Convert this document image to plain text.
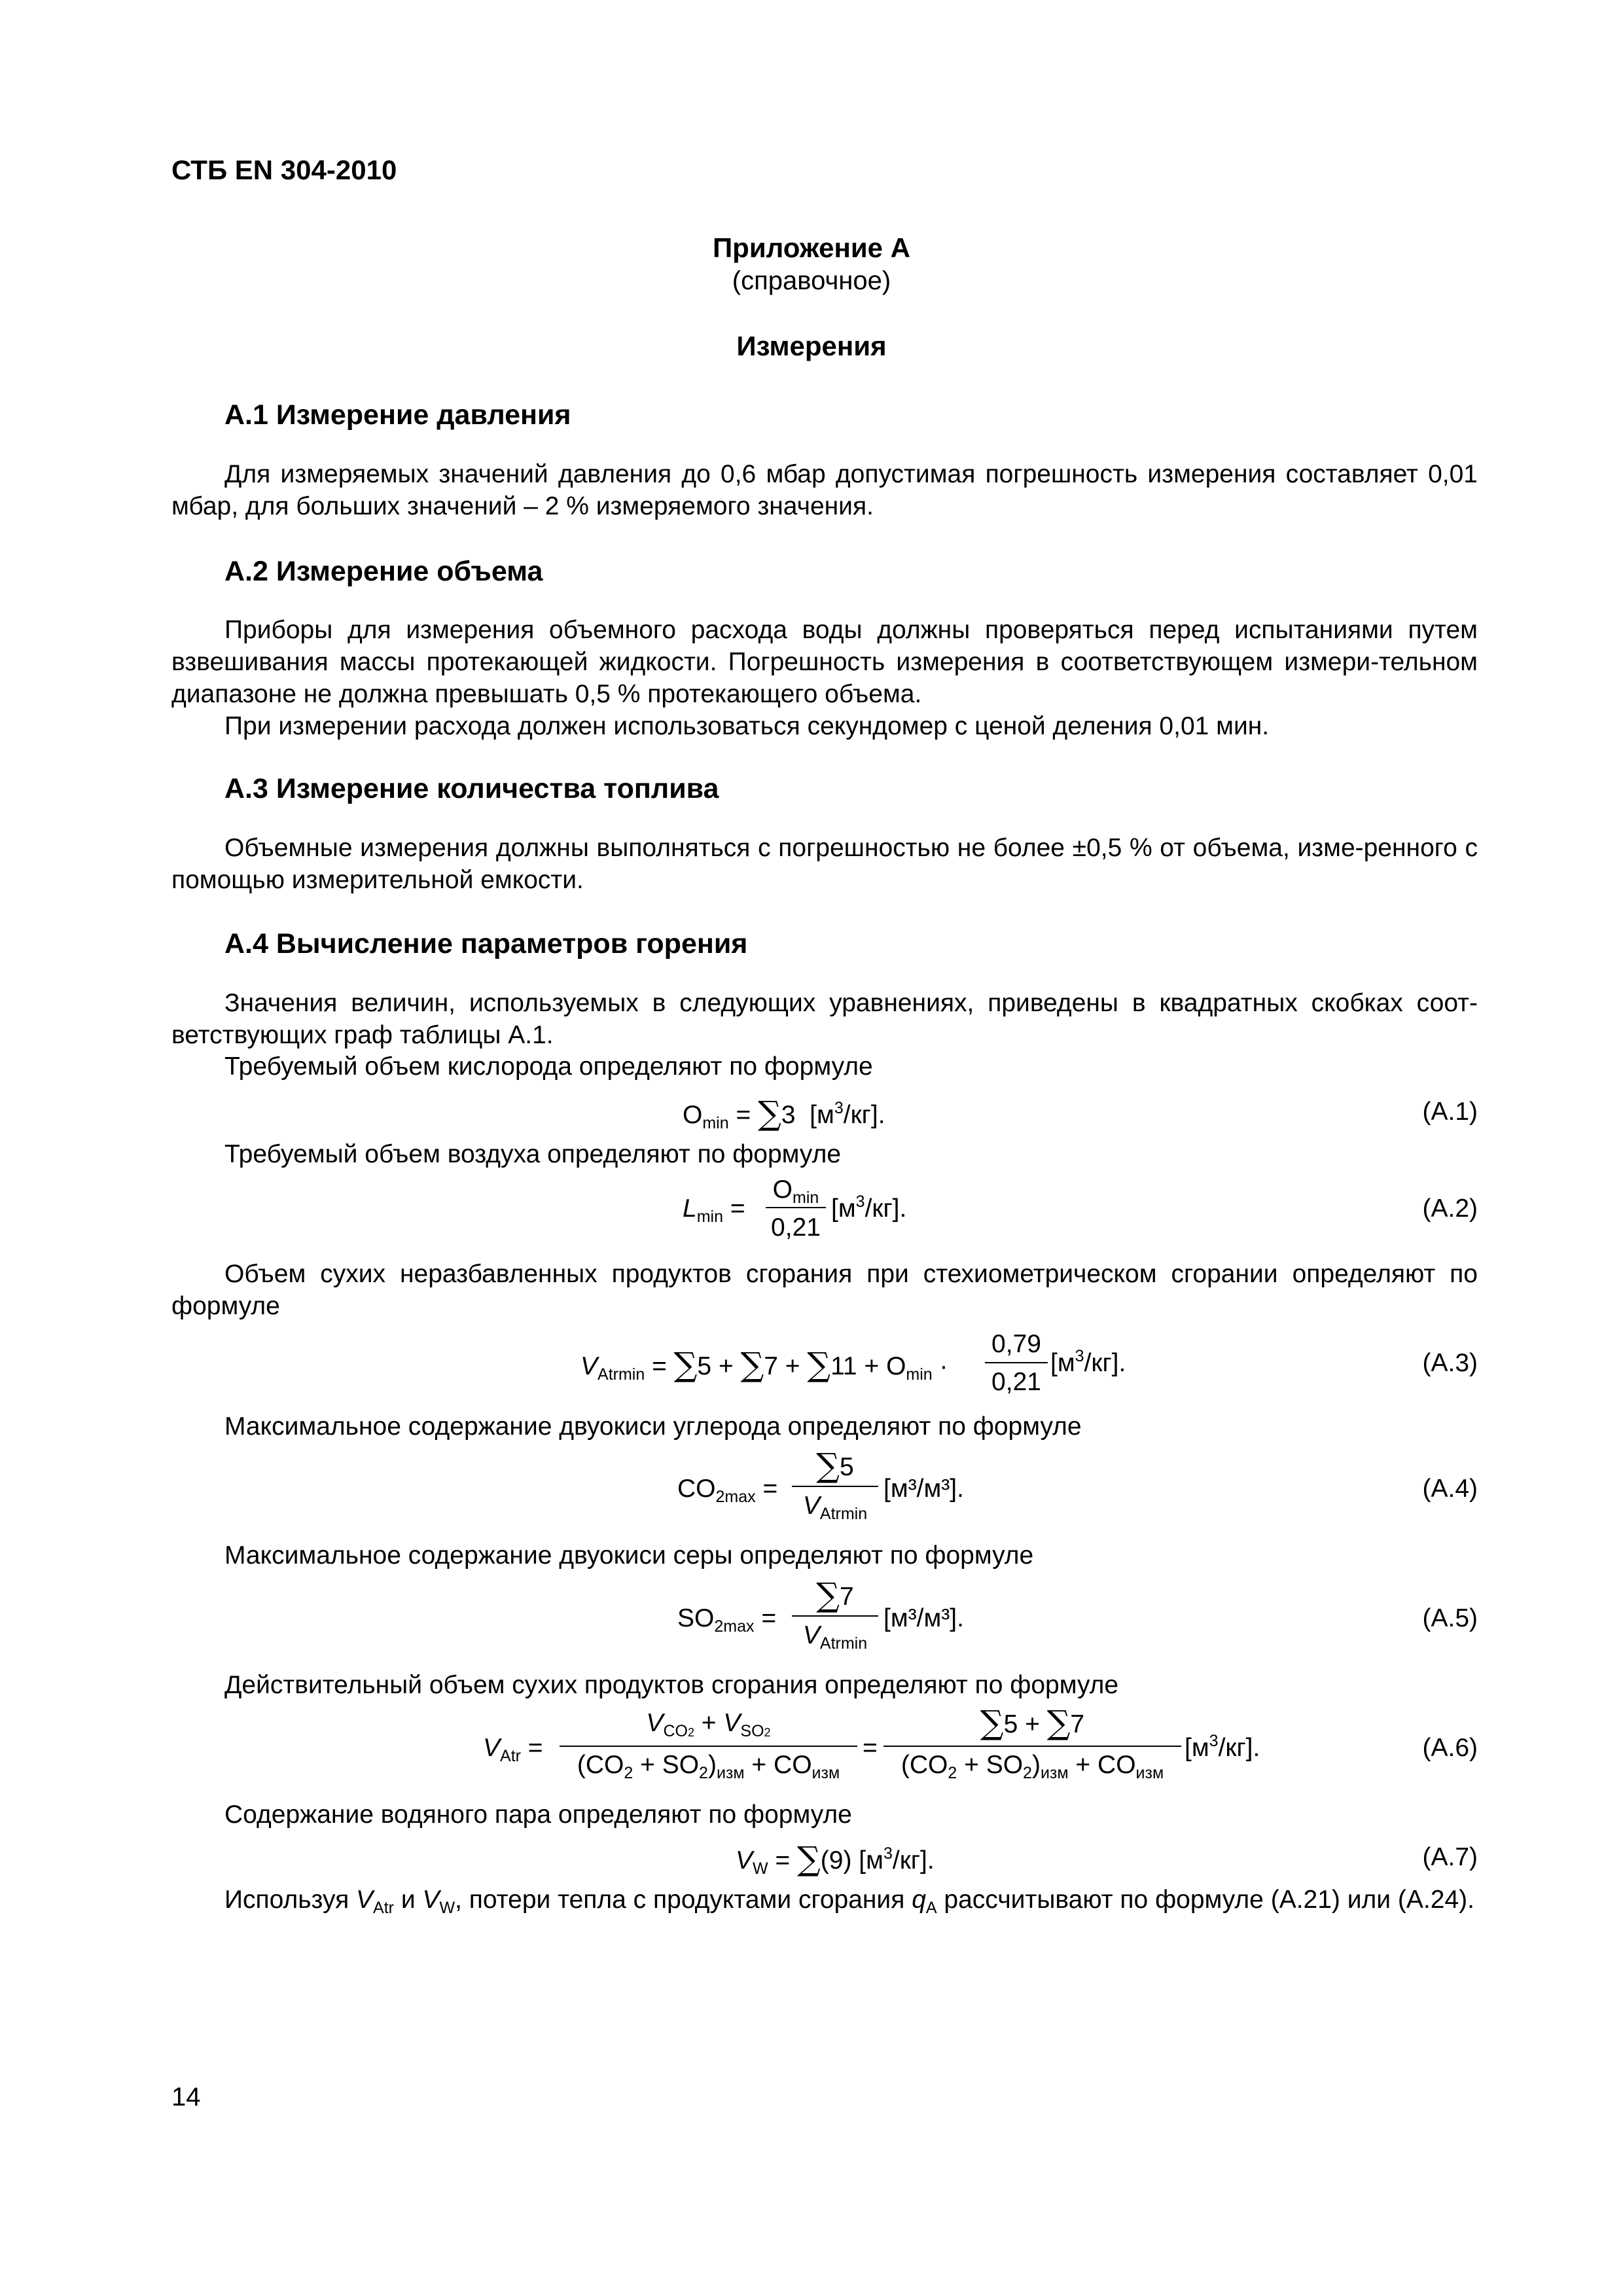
СТБ EN 304-2010
Приложение А
(справочное)
Измерения
А.1 Измерение давления
Для измеряемых значений давления до 0,6 мбар допустимая погрешность измерения составляет 0,01 мбар, для больших значений – 2 % измеряемого значения.
А.2 Измерение объема
Приборы для измерения объемного расхода воды должны проверяться перед испытаниями путем взвешивания массы протекающей жидкости. Погрешность измерения в соответствующем измери-тельном диапазоне не должна превышать 0,5 % протекающего объема.
При измерении расхода должен использоваться секундомер с ценой деления 0,01 мин.
А.3 Измерение количества топлива
Объемные измерения должны выполняться с погрешностью не более ±0,5 % от объема, изме-ренного с помощью измерительной емкости.
А.4 Вычисление параметров горения
Значения величин, используемых в следующих уравнениях, приведены в квадратных скобках соот-ветствующих граф таблицы А.1.
Требуемый объем кислорода определяют по формуле
$O_{min} = \sum 3$ $[м^3/кг]$.	(А.1)
Требуемый объем воздуха определяют по формуле
$L_{min}$ =
$O_{min}$
0,21
$[м^3/кг]$.	(А.2)
Объем сухих неразбавленных продуктов сгорания при стехиометрическом сгорании определяют по формуле
$V_{Atrmin} = \sum 5 + \sum 7 + \sum 11 + O_{min}$ ·
0,79
0,21
$[м^3/кг]$.	(А.3)
Максимальное содержание двуокиси углерода определяют по формуле
$CO_{2max}$ =
∑5
$V_{Atrmin}$
[м³/м³].	(А.4)
Максимальное содержание двуокиси серы определяют по формуле
$SO_{2max}$ =
∑7
$V_{Atrmin}$
[м³/м³].	(А.5)
Действительный объем сухих продуктов сгорания определяют по формуле
$V_{Atr}$ =
$V_{CO2} + V_{SO2}$
$(CO_2 + SO_2)_{изм} + CO_{изм}$
=
∑5 + ∑7
$(CO_2 + SO_2)_{изм} + CO_{изм}$
$[м^3/кг]$.	(А.6)
Содержание водяного пара определяют по формуле
$V_W = \sum(9)$ $[м^3/кг]$.	(А.7)
Используя $V_{Atr}$ и $V_W$, потери тепла с продуктами сгорания $q_A$ рассчитывают по формуле (А.21) или (А.24).
14
